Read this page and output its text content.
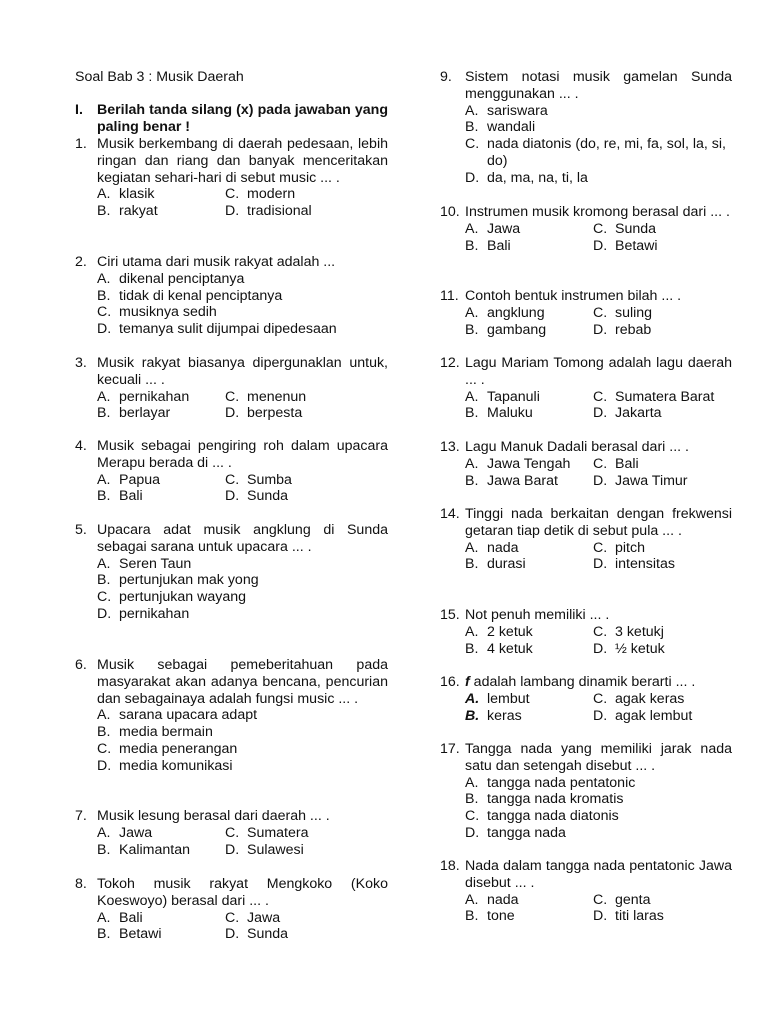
Soal Bab 3 : Musik Daerah
I. Berilah tanda silang (x) pada jawaban yang paling benar !
1. Musik berkembang di daerah pedesaan, lebih ringan dan riang dan banyak menceritakan kegiatan sehari-hari di sebut music ... .
A. klasik	C. modern
B. rakyat	D. tradisional
2. Ciri utama dari musik rakyat adalah ...
A. dikenal penciptanya
B. tidak di kenal penciptanya
C. musiknya sedih
D. temanya sulit dijumpai dipedesaan
3. Musik rakyat biasanya dipergunaklan untuk, kecuali ... .
A. pernikahan	C. menenun
B. berlayar	D. berpesta
4. Musik sebagai pengiring roh dalam upacara Merapu berada di ... .
A. Papua	C. Sumba
B. Bali	D. Sunda
5. Upacara adat musik angklung di Sunda sebagai sarana untuk upacara ... .
A. Seren Taun
B. pertunjukan mak yong
C. pertunjukan wayang
D. pernikahan
6. Musik sebagai pemeberitahuan pada masyarakat akan adanya bencana, pencurian dan sebagainaya adalah fungsi music ... .
A. sarana upacara adapt
B. media bermain
C. media penerangan
D. media komunikasi
7. Musik lesung berasal dari daerah ... .
A. Jawa	C. Sumatera
B. Kalimantan	D. Sulawesi
8. Tokoh musik rakyat Mengkoko (Koko Koeswoyo) berasal dari ... .
A. Bali	C. Jawa
B. Betawi	D. Sunda
9. Sistem notasi musik gamelan Sunda menggunakan ... .
A. sariswara
B. wandali
C. nada diatonis (do, re, mi, fa, sol, la, si, do)
D. da, ma, na, ti, la
10. Instrumen musik kromong berasal dari ... .
A. Jawa	C. Sunda
B. Bali	D. Betawi
11. Contoh bentuk instrumen bilah ... .
A. angklung	C. suling
B. gambang	D. rebab
12. Lagu Mariam Tomong adalah lagu daerah ... .
A. Tapanuli	C. Sumatera Barat
B. Maluku	D. Jakarta
13. Lagu Manuk Dadali berasal dari ... .
A. Jawa Tengah	C. Bali
B. Jawa Barat	D. Jawa Timur
14. Tinggi nada berkaitan dengan frekwensi getaran tiap detik di sebut pula ... .
A. nada	C. pitch
B. durasi	D. intensitas
15. Not penuh memiliki ... .
A. 2 ketuk	C. 3 ketukj
B. 4 ketuk	D. ½ ketuk
16. f adalah lambang dinamik berarti ... .
A. lembut	C. agak keras
B. keras	D. agak lembut
17. Tangga nada yang memiliki jarak nada satu dan setengah disebut ... .
A. tangga nada pentatonic
B. tangga nada kromatis
C. tangga nada diatonis
D. tangga nada
18. Nada dalam tangga nada pentatonic Jawa disebut ... .
A. nada	C. genta
B. tone	D. titi laras
